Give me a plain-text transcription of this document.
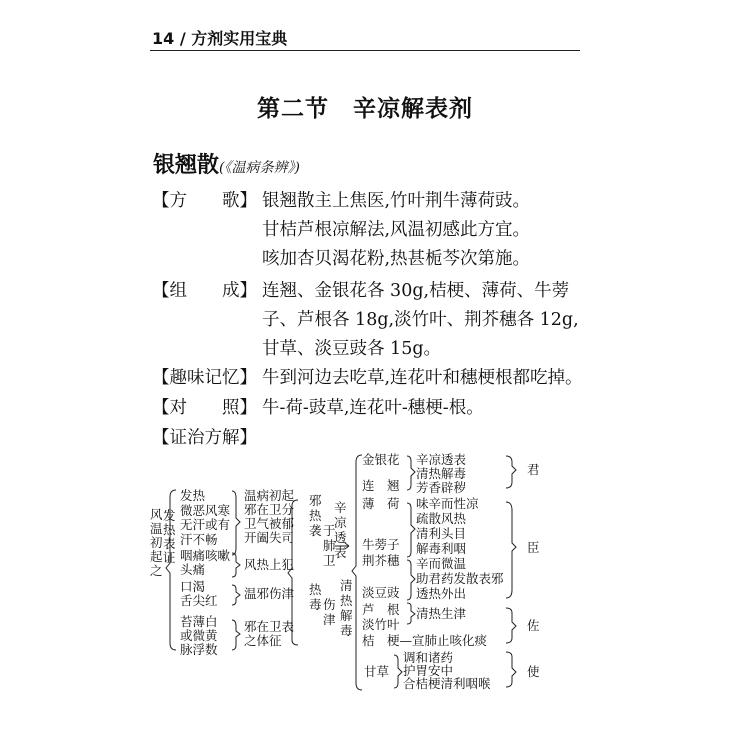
14 / 方剂实用宝典
第二节　辛凉解表剂
银翘散(《温病条辨》)
【方　　歌】 银翘散主上焦医,竹叶荆牛薄荷豉。
甘桔芦根凉解法,风温初感此方宜。
咳加杏贝渴花粉,热甚栀芩次第施。
【组　　成】 连翘、金银花各 30g,桔梗、薄荷、牛蒡
子、芦根各 18g,淡竹叶、荆芥穗各 12g,
甘草、淡豆豉各 15g。
【趣味记忆】 牛到河边去吃草,连花叶和穗梗根都吃掉。
【对　　照】 牛-荷-豉草,连花叶-穗梗-根。
【证治方解】
风
温
初
起
之
发
热
表
证
发热
微恶风寒
无汗或有
汗不畅
温病初起
邪在卫分
卫气被郁
开阖失司
咽痛咳嗽
头痛	风热上犯
口渴
舌尖红 温邪伤津
苔薄白
或微黄
脉浮数
邪在卫表
之体征
邪
热
袭 于
肺
卫
热
毒 伤
津
辛
凉
透
表
清
热
解
毒
金银花
连　翘
辛凉透表
清热解毒
芳香辟秽
君
薄　荷
牛蒡子
荆芥穗
淡豆豉
味辛而性凉
疏散风热
清利头目
解毒利咽
辛而微温
助君药发散表邪
透热外出
臣
芦　根
淡竹叶
清热生津
桔　梗—宣肺止咳化痰
佐
甘草
调和诸药
护胃安中
合桔梗清利咽喉
使
